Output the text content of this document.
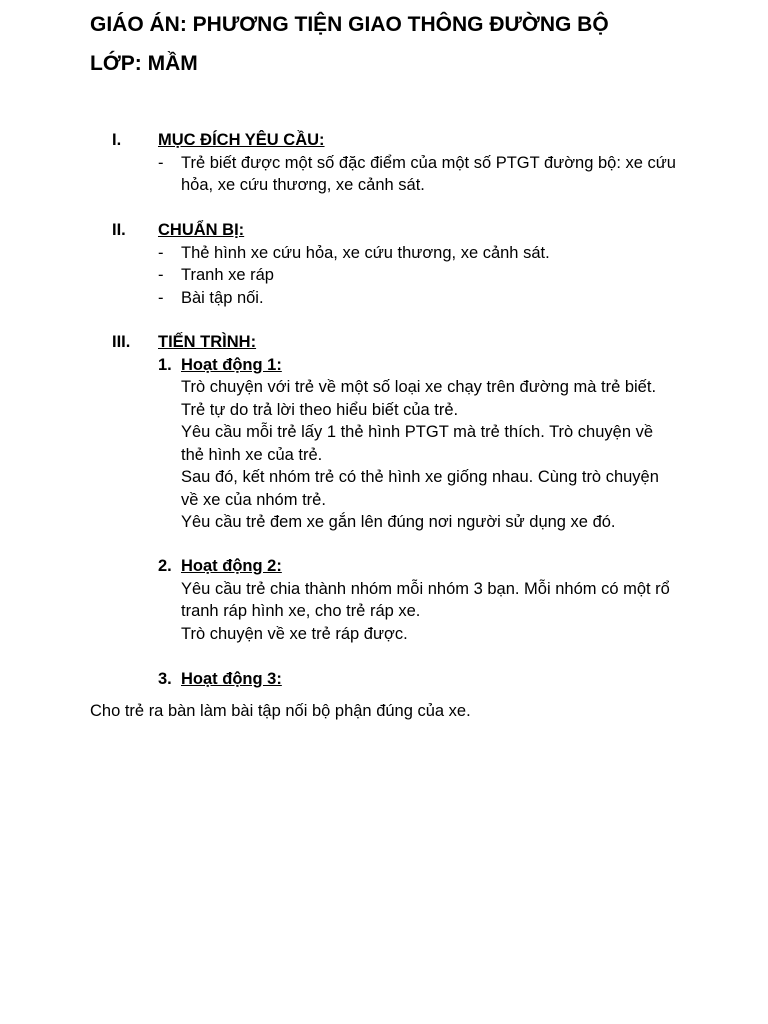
GIÁO ÁN: PHƯƠNG TIỆN GIAO THÔNG ĐƯỜNG BỘ
LỚP: MẦM
I. MỤC ĐÍCH YÊU CẦU:
- Trẻ biết được một số đặc điểm của một số PTGT đường bộ: xe cứu hỏa, xe cứu thương, xe cảnh sát.
II. CHUẨN BỊ:
- Thẻ hình xe cứu hỏa, xe cứu thương, xe cảnh sát.
- Tranh xe ráp
- Bài tập nối.
III. TIẾN TRÌNH:
1. Hoạt động 1:
Trò chuyện với trẻ về một số loại xe chạy trên đường mà trẻ biết. Trẻ tự do trả lời theo hiểu biết của trẻ.
Yêu cầu mỗi trẻ lấy 1 thẻ hình PTGT mà trẻ thích. Trò chuyện về thẻ hình xe của trẻ.
Sau đó, kết nhóm trẻ có thẻ hình xe giống nhau. Cùng trò chuyện về xe của nhóm trẻ.
Yêu cầu trẻ đem xe gắn lên đúng nơi người sử dụng xe đó.
2. Hoạt động 2:
Yêu cầu trẻ chia thành nhóm mỗi nhóm 3 bạn. Mỗi nhóm có một rổ tranh ráp hình xe, cho trẻ ráp xe.
Trò chuyện về xe trẻ ráp được.
3. Hoạt động 3:
Cho trẻ ra bàn làm bài tập nối bộ phận đúng của xe.
